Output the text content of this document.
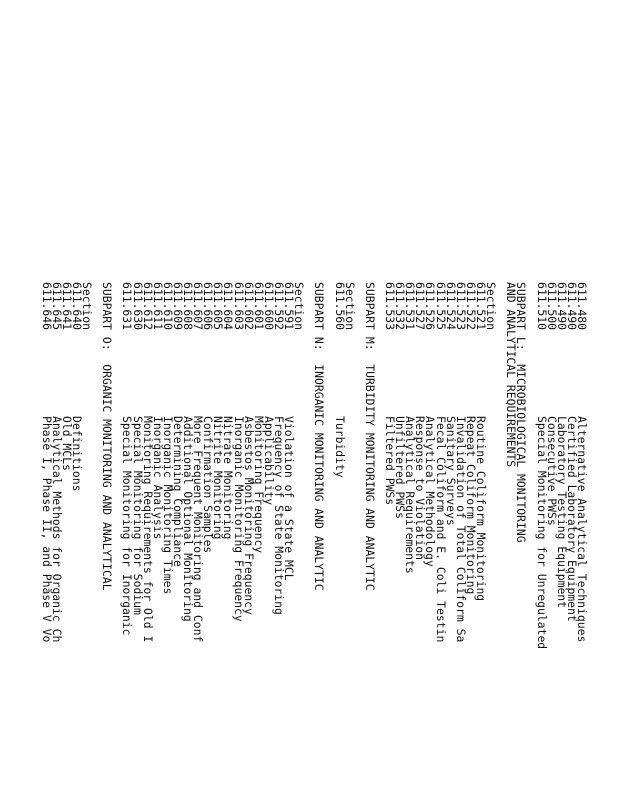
611.480
Alternative Analytical Techniques
611.490
Certified Laboratory Equipment
611.490
Laboratory Testing Equipment
611.500
Consecutive PWSs
611.510
Special Monitoring for Unregulated
SUBPART L:  MICROBIOLOGICAL MONITORING
AND ANALYTICAL REQUIREMENTS
Section
611.521
Routine Coliform Monitoring
611.522
Repeat Coliform Monitoring
611.523
Invalidation of Total Coliform Sa
611.524
Sanitary Surveys
611.525
Fecal Coliform and E. Coli Testin
611.526
Analytical Methodology
611.527
Response to Violation
611.531
Analytical Requirements
611.532
Unfiltered PWSs
611.533
Filtered PWSs
SUBPART M:  TURBIDITY MONITORING AND ANALYTIC
Section
611.560
Turbidity
SUBPART N:  INORGANIC MONITORING AND ANALYTIC
Section
611.591
Violation of a State MCL
611.592
Frequency of State Monitoring
611.600
Applicability
611.601
Monitoring Frequency
611.602
Asbestos Monitoring Frequency
611.603
Inorganic Monitoring Frequency
611.604
Nitrate Monitoring
611.605
Nitrite Monitoring
611.606
Confirmation Samples
611.607
More Frequent Monitoring and Conf
611.608
Additional Optional Monitoring
611.609
Determining Compliance
611.610
Inorganic Monitoring Times
611.611
Inorganic Analysis
611.612
Monitoring Requirements for Old I
611.630
Special Monitoring for Sodium
611.631
Special Monitoring for Inorganic
SUBPART O:  ORGANIC MONITORING AND ANALYTICAL
Section
611.640
Definitions
611.641
Old MCLs
611.645
Analytical Methods for Organic Ch
611.646
Phase I, Phase II, and Phase V Vo
